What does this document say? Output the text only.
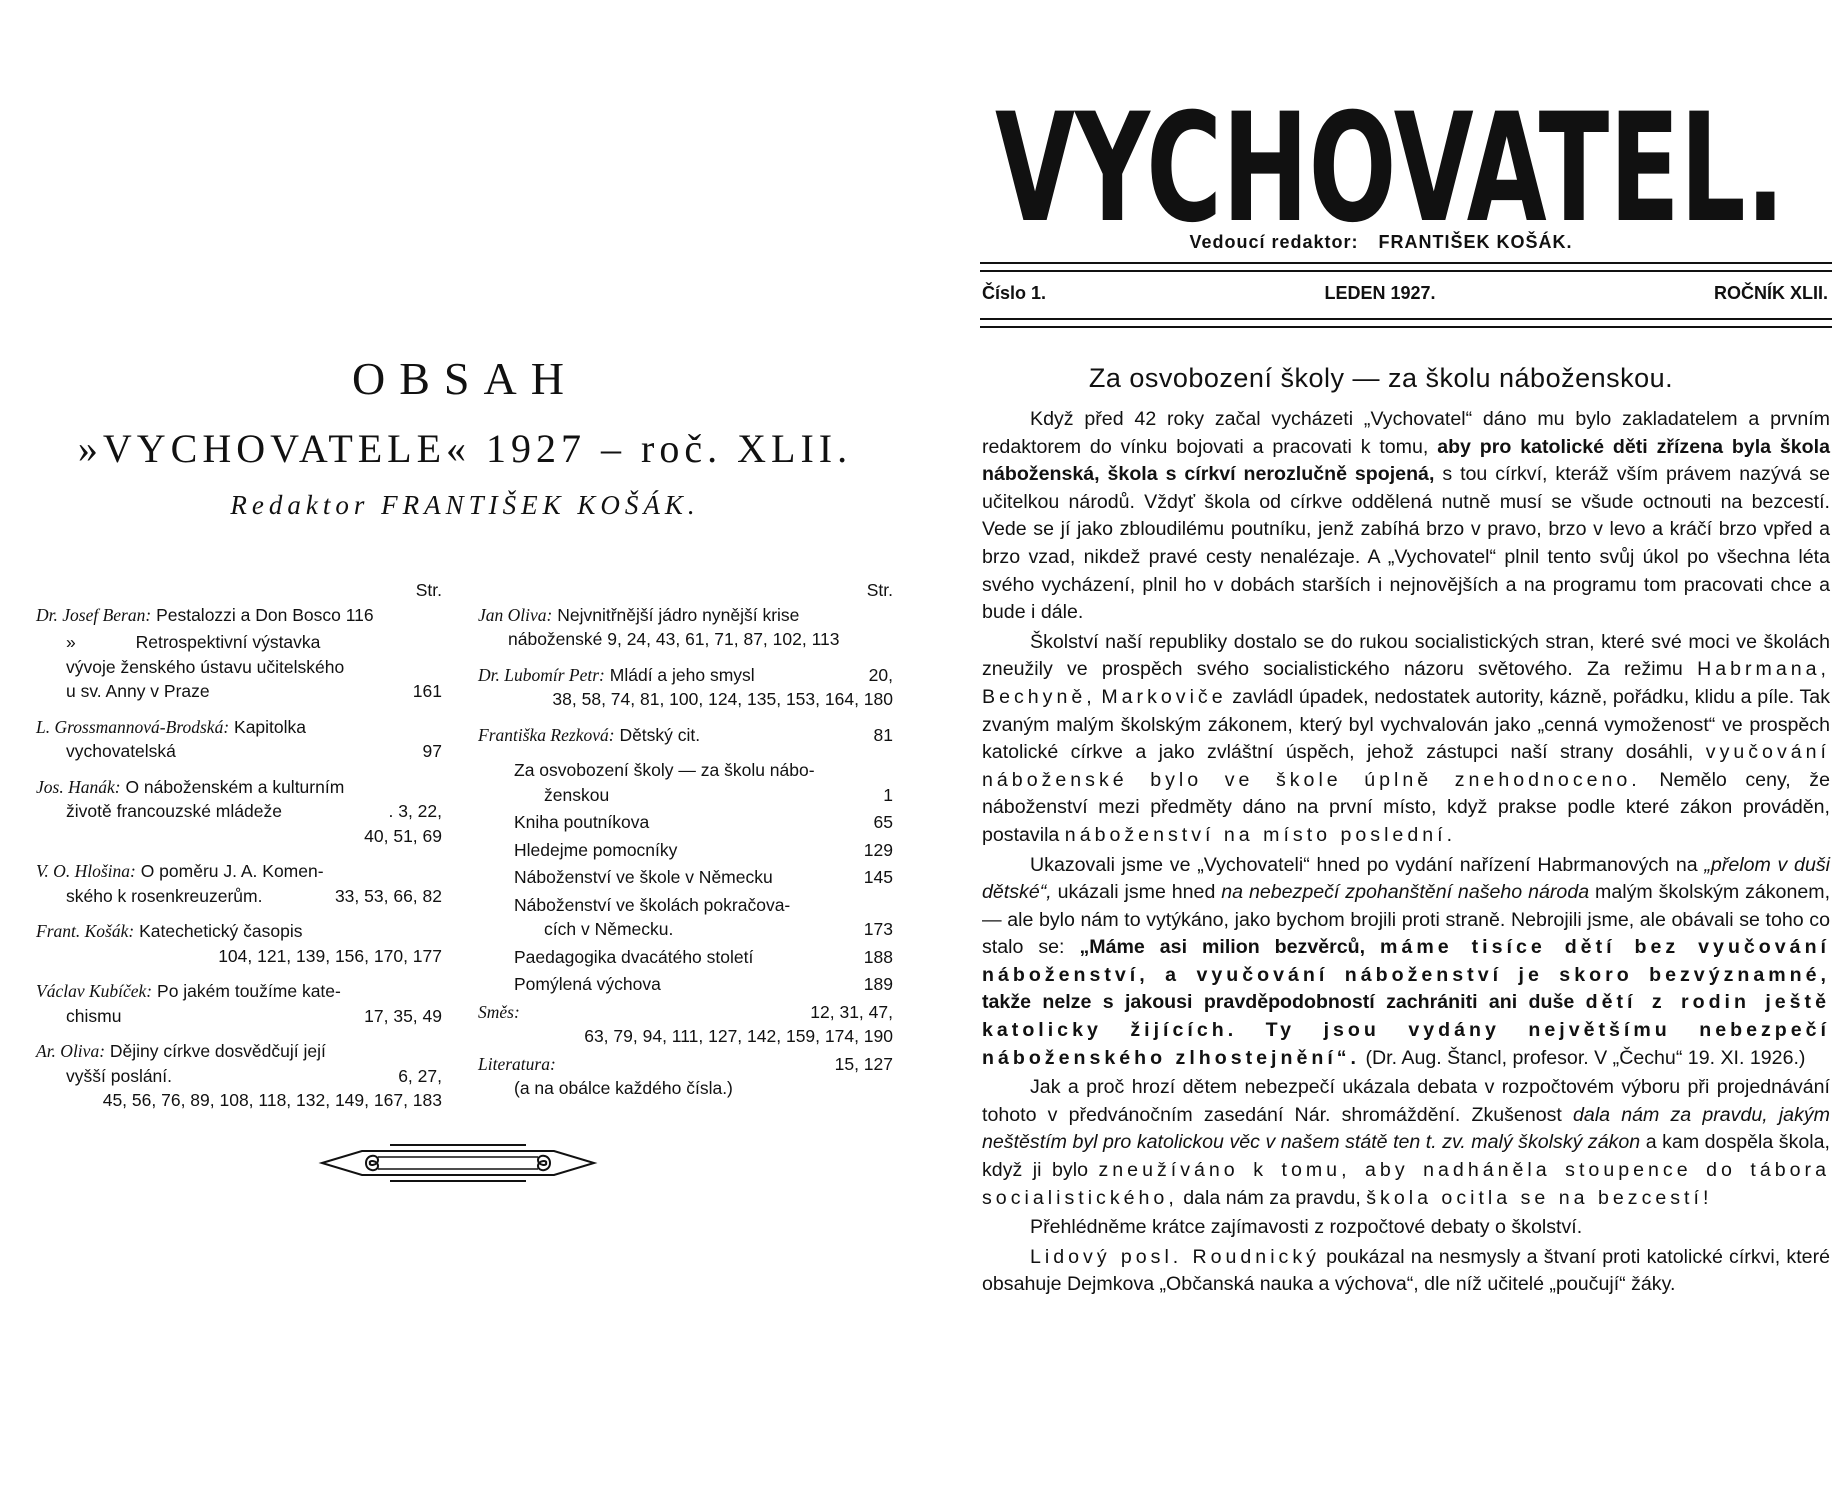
OBSAH
»VYCHOVATELE« 1927 – roč. XLII.
Redaktor FRANTIŠEK KOŠÁK.
Str.
Dr. Josef Beran: Pestalozzi a Don Bosco 116
»	Retrospektivní výstavka
vývoje ženského ústavu učitelského
u sv. Anny v Praze	161
L. Grossmannová-Brodská: Kapitolka
vychovatelská	97
Jos. Hanák: O náboženském a kulturním
životě francouzské mládeže	. 3, 22,
40, 51, 69
V. O. Hlošina: O poměru J. A. Komen-
ského k rosenkreuzerům.	33, 53, 66, 82
Frant. Košák: Katechetický časopis
104, 121, 139, 156, 170, 177
Václav Kubíček: Po jakém toužíme kate-
chismu	17, 35, 49
Ar. Oliva: Dějiny církve dosvědčují její
vyšší poslání.	6, 27,
45, 56, 76, 89, 108, 118, 132, 149, 167, 183
Str.
Jan Oliva: Nejvnitřnější jádro nynější krise
náboženské 9, 24, 43, 61, 71, 87, 102, 113
Dr. Lubomír Petr: Mládí a jeho smysl	20,
38, 58, 74, 81, 100, 124, 135, 153, 164, 180
Františka Rezková: Dětský cit.	81
Za osvobození školy — za školu nábo-
ženskou	1
Kniha poutníkova	65
Hledejme pomocníky	129
Náboženství ve škole v Německu	145
Náboženství ve školách pokračova-
cích v Německu.	173
Paedagogika dvacátého století	188
Pomýlená výchova	189
Směs:	12, 31, 47,
63, 79, 94, 111, 127, 142, 159, 174, 190
Literatura:	15, 127
(a na obálce každého čísla.)
VYCHOVATEL.
Vedoucí redaktor: FRANTIŠEK KOŠÁK.
Číslo 1.	LEDEN 1927.	ROČNÍK XLII.
Za osvobození školy — za školu náboženskou.

Když před 42 roky začal vycházeti „Vychovatel“ dáno mu bylo zakladatelem a prvním redaktorem do vínku bojovati a pracovati k tomu, aby pro katolické děti zřízena byla škola náboženská, škola s církví nerozlučně spojená, s tou církví, kteráž vším právem nazývá se učitelkou národů. Vždyť škola od církve oddělená nutně musí se všude octnouti na bezcestí. Vede se jí jako zbloudilému poutníku, jenž zabíhá brzo v pravo, brzo v levo a kráčí brzo vpřed a brzo vzad, nikdež pravé cesty nenalézaje. A „Vychovatel“ plnil tento svůj úkol po všechna léta svého vycházení, plnil ho v dobách starších i nejnovějších a na programu tom pracovati chce a bude i dále.

Školství naší republiky dostalo se do rukou socialistických stran, které své moci ve školách zneužily ve prospěch svého socialistického názoru světového. Za režimu Habrmana, Bechyně, Markoviče zavládl úpadek, nedostatek autority, kázně, pořádku, klidu a píle. Tak zvaným malým školským zákonem, který byl vychvalován jako „cenná vymoženost“ ve prospěch katolické církve a jako zvláštní úspěch, jehož zástupci naší strany dosáhli, vyučování náboženské bylo ve škole úplně znehodnoceno. Nemělo ceny, že náboženství mezi předměty dáno na první místo, když prakse podle které zákon prováděn, postavila náboženství na místo poslední.

Ukazovali jsme ve „Vychovateli“ hned po vydání nařízení Habrmanových na „přelom v duši dětské“, ukázali jsme hned na nebezpečí zpohanštění našeho národa malým školským zákonem, — ale bylo nám to vytýkáno, jako bychom brojili proti straně. Nebrojili jsme, ale obávali se toho co stalo se: „Máme asi milion bezvěrců, máme tisíce dětí bez vyučování náboženství, a vyučování náboženství je skoro bezvýznamné, takže nelze s jakousi pravděpodobností zachrániti ani duše dětí z rodin ještě katolicky žijících. Ty jsou vydány největšímu nebezpečí náboženského zlhostejnění“. (Dr. Aug. Štancl, profesor. V „Čechu“ 19. XI. 1926.)

Jak a proč hrozí dětem nebezpečí ukázala debata v rozpočtovém výboru při projednávání tohoto v předvánočním zasedání Nár. shromáždění. Zkušenost dala nám za pravdu, jakým neštěstím byl pro katolickou věc v našem státě ten t. zv. malý školský zákon a kam dospěla škola, když ji bylo zneužíváno k tomu, aby nadháněla stoupence do tábora socialistického, dala nám za pravdu, škola ocitla se na bezcestí!

Přehlédněme krátce zajímavosti z rozpočtové debaty o školství.

Lidový posl. Roudnický poukázal na nesmysly a štvaní proti katolické církvi, které obsahuje Dejmkova „Občanská nauka a výchova“, dle níž učitelé „poučují“ žáky.
